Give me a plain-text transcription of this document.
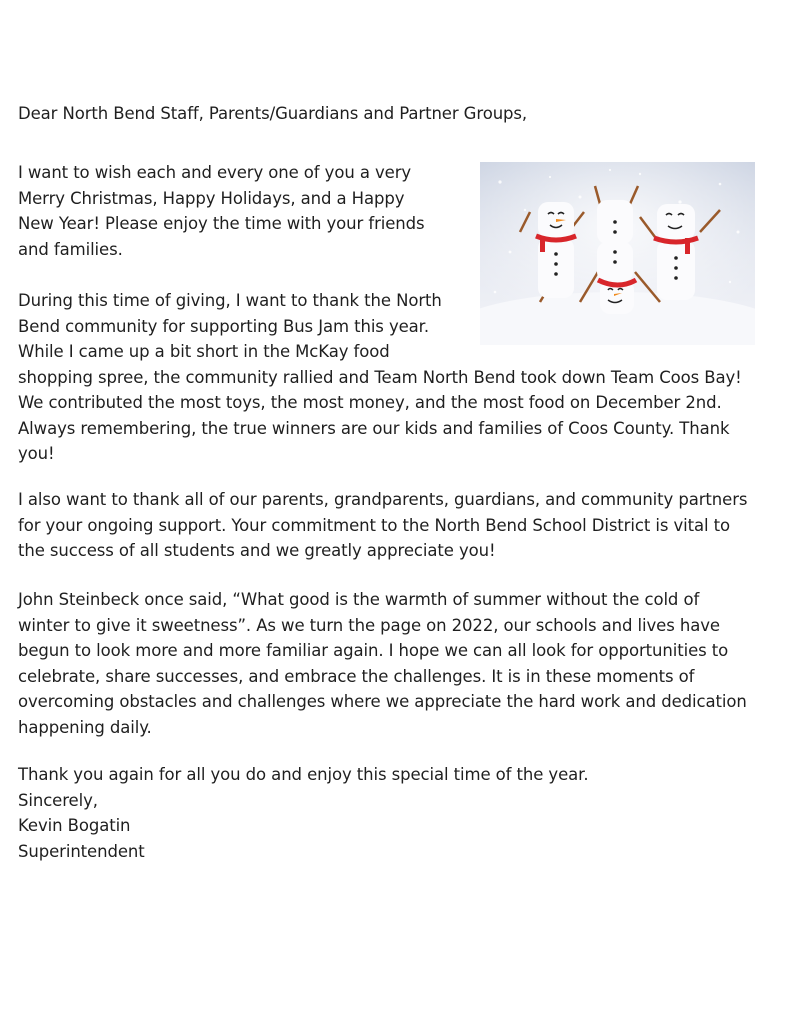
Dear North Bend Staff, Parents/Guardians and Partner Groups,

I want to wish each and every one of you a very
Merry Christmas, Happy Holidays, and a Happy
New Year! Please enjoy the time with your friends
and families.

During this time of giving, I want to thank the North
Bend community for supporting Bus Jam this year.
While I came up a bit short in the McKay food
shopping spree, the community rallied and Team North Bend took down Team Coos Bay!
We contributed the most toys, the most money, and the most food on December 2nd.
Always remembering, the true winners are our kids and families of Coos County. Thank
you!

I also want to thank all of our parents, grandparents, guardians, and community partners
for your ongoing support. Your commitment to the North Bend School District is vital to
the success of all students and we greatly appreciate you!

John Steinbeck once said, “What good is the warmth of summer without the cold of
winter to give it sweetness”. As we turn the page on 2022, our schools and lives have
begun to look more and more familiar again. I hope we can all look for opportunities to
celebrate, share successes, and embrace the challenges. It is in these moments of
overcoming obstacles and challenges where we appreciate the hard work and dedication
happening daily.

Thank you again for all you do and enjoy this special time of the year.
Sincerely,
Kevin Bogatin
Superintendent
